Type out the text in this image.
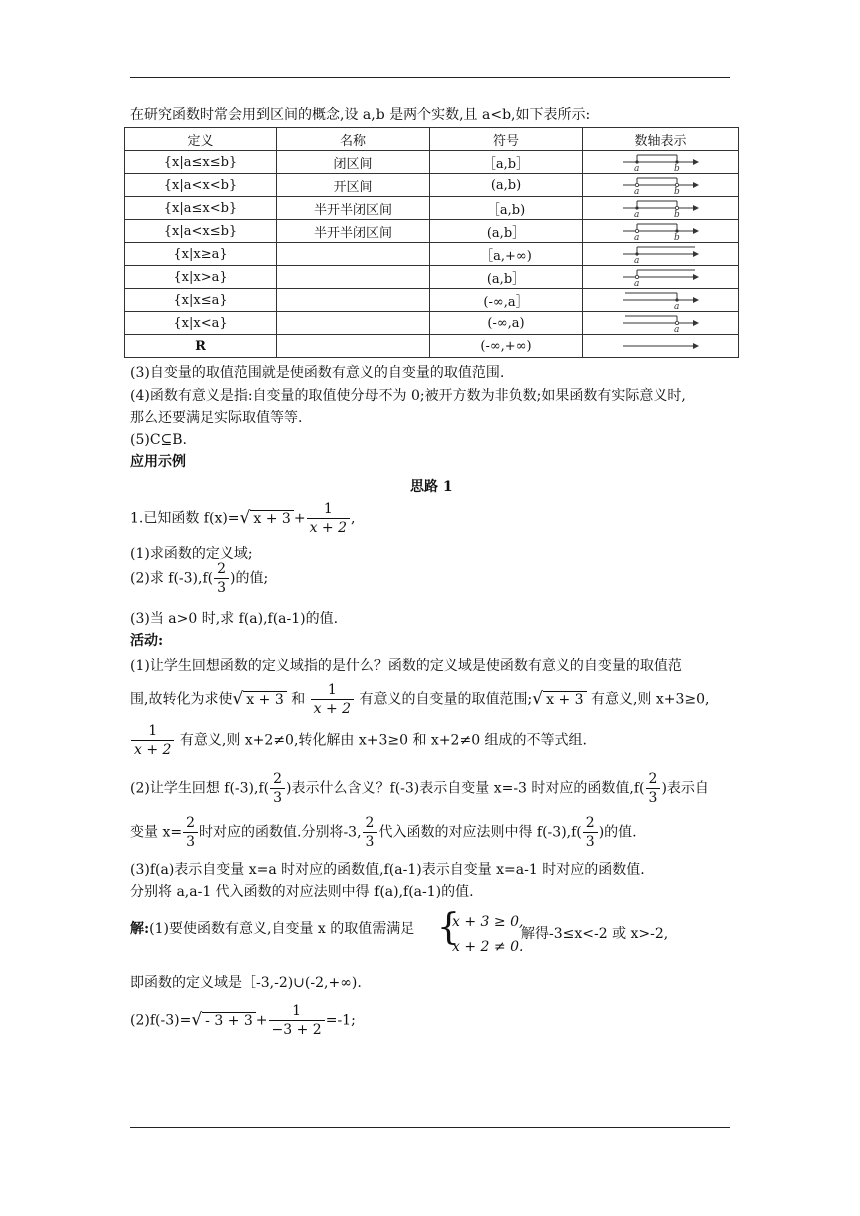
在研究函数时常会用到区间的概念,设 a,b 是两个实数,且 a<b,如下表所示:
定义	名称	符号	数轴表示
{x|a≤x≤b}	闭区间	［a,b］	a b

{x|a<x<b}	开区间	(a,b)	a b

{x|a≤x<b}	半开半闭区间	［a,b)	a b

{x|a<x≤b}	半开半闭区间	(a,b］	a b

{x|x≥a}		［a,+∞)	a

{x|x>a}		(a,b］	a

{x|x≤a}		(-∞,a］	a

{x|x<a}		(-∞,a)	a

R		(-∞,+∞)	
(3)自变量的取值范围就是使函数有意义的自变量的取值范围.
(4)函数有意义是指:自变量的取值使分母不为 0;被开方数为非负数;如果函数有实际意义时,
那么还要满足实际取值等等.
(5)C⊆B.
应用示例
思路 1
1.已知函数 f(x)=√ $x + 3 + \frac{1}{x + 2}$ ,
(1)求函数的定义域;
(2)求 $f(-3),f( \frac{2}{3}$ )的值;
(3)当 a>0 时,求 f(a),f(a-1)的值.
活动:
(1)让学生回想函数的定义域指的是什么？函数的定义域是使函数有意义的自变量的取值范
围,故转化为求使√ x + 3 和 $\frac{1}{x + 2}$ 有意义的自变量的取值范围;√ x + 3 有意义,则 x+3≥0,
$\frac{1}{x + 2}$ 有意义,则 x+2≠0,转化解由 x+3≥0 和 x+2≠0 组成的不等式组.
(2)让学生回想 $f(-3),f( \frac{2}{3}$ )表示什么含义？f(-3)表示自变量 x=-3 时对应的函数值$,f( \frac{2}{3}$ )表示自
变量 $x= \frac{2}{3}$ 时对应的函数值.分别将-3, $\frac{2}{3}$ 代入函数的对应法则中得 $f(-3),f( \frac{2}{3}$ )的值.
(3)f(a)表示自变量 x=a 时对应的函数值,f(a-1)表示自变量 x=a-1 时对应的函数值.
分别将 a,a-1 代入函数的对应法则中得 f(a),f(a-1)的值.
解:(1)要使函数有意义,自变量 x 的取值需满足 {
x + 3 ≥ 0,
x + 2 ≠ 0.
解得-3≤x<-2 或 x>-2,
即函数的定义域是［-3,-2)∪(-2,+∞).
$(2)f(-3)=√ - 3 + 3 + \frac{1}{-3 + 2} =-1$;
